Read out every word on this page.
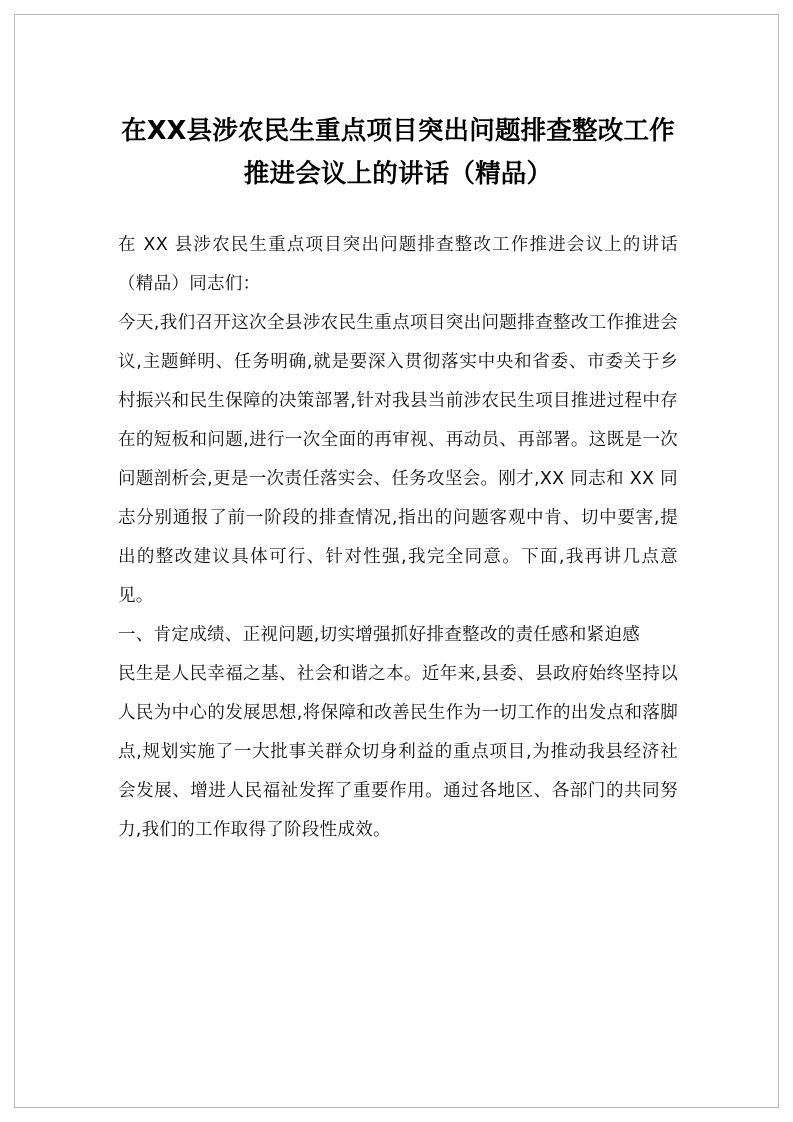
在XX县涉农民生重点项目突出问题排查整改工作推进会议上的讲话（精品）

在 XX 县涉农民生重点项目突出问题排查整改工作推进会议上的讲话（精品）同志们：

今天,我们召开这次全县涉农民生重点项目突出问题排查整改工作推进会议,主题鲜明、任务明确,就是要深入贯彻落实中央和省委、市委关于乡村振兴和民生保障的决策部署,针对我县当前涉农民生项目推进过程中存在的短板和问题,进行一次全面的再审视、再动员、再部署。这既是一次问题剖析会,更是一次责任落实会、任务攻坚会。刚才,XX 同志和 XX 同志分别通报了前一阶段的排查情况,指出的问题客观中肯、切中要害,提出的整改建议具体可行、针对性强,我完全同意。下面,我再讲几点意见。

一、肯定成绩、正视问题,切实增强抓好排查整改的责任感和紧迫感

民生是人民幸福之基、社会和谐之本。近年来,县委、县政府始终坚持以人民为中心的发展思想,将保障和改善民生作为一切工作的出发点和落脚点,规划实施了一大批事关群众切身利益的重点项目,为推动我县经济社会发展、增进人民福祉发挥了重要作用。通过各地区、各部门的共同努力,我们的工作取得了阶段性成效。
